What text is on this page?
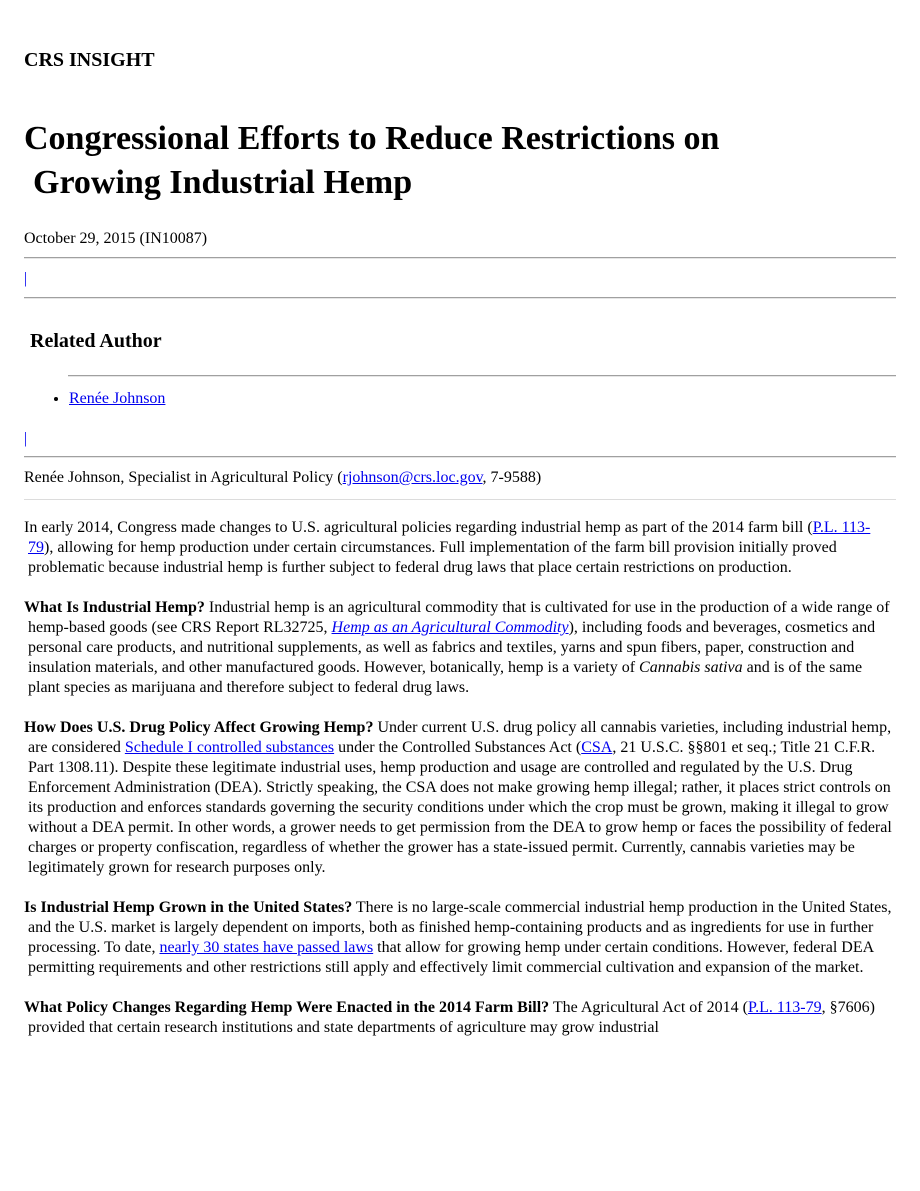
CRS INSIGHT
Congressional Efforts to Reduce Restrictions on
Growing Industrial Hemp
October 29, 2015 (IN10087)
|
Related Author
• Renée Johnson
|
Renée Johnson, Specialist in Agricultural Policy (rjohnson@crs.loc.gov, 7-9588)

In early 2014, Congress made changes to U.S. agricultural policies regarding industrial hemp as part of the 2014 farm bill (P.L. 113-79), allowing for hemp production under certain circumstances. Full implementation of the farm bill provision initially proved problematic because industrial hemp is further subject to federal drug laws that place certain restrictions on production.

What Is Industrial Hemp? Industrial hemp is an agricultural commodity that is cultivated for use in the production of a wide range of hemp-based goods (see CRS Report RL32725, Hemp as an Agricultural Commodity), including foods and beverages, cosmetics and personal care products, and nutritional supplements, as well as fabrics and textiles, yarns and spun fibers, paper, construction and insulation materials, and other manufactured goods. However, botanically, hemp is a variety of Cannabis sativa and is of the same plant species as marijuana and therefore subject to federal drug laws.

How Does U.S. Drug Policy Affect Growing Hemp? Under current U.S. drug policy all cannabis varieties, including industrial hemp, are considered Schedule I controlled substances under the Controlled Substances Act (CSA, 21 U.S.C. §§801 et seq.; Title 21 C.F.R. Part 1308.11). Despite these legitimate industrial uses, hemp production and usage are controlled and regulated by the U.S. Drug Enforcement Administration (DEA). Strictly speaking, the CSA does not make growing hemp illegal; rather, it places strict controls on its production and enforces standards governing the security conditions under which the crop must be grown, making it illegal to grow without a DEA permit. In other words, a grower needs to get permission from the DEA to grow hemp or faces the possibility of federal charges or property confiscation, regardless of whether the grower has a state-issued permit. Currently, cannabis varieties may be legitimately grown for research purposes only.

Is Industrial Hemp Grown in the United States? There is no large-scale commercial industrial hemp production in the United States, and the U.S. market is largely dependent on imports, both as finished hemp-containing products and as ingredients for use in further processing. To date, nearly 30 states have passed laws that allow for growing hemp under certain conditions. However, federal DEA permitting requirements and other restrictions still apply and effectively limit commercial cultivation and expansion of the market.

What Policy Changes Regarding Hemp Were Enacted in the 2014 Farm Bill? The Agricultural Act of 2014 (P.L. 113-79, §7606) provided that certain research institutions and state departments of agriculture may grow industrial
